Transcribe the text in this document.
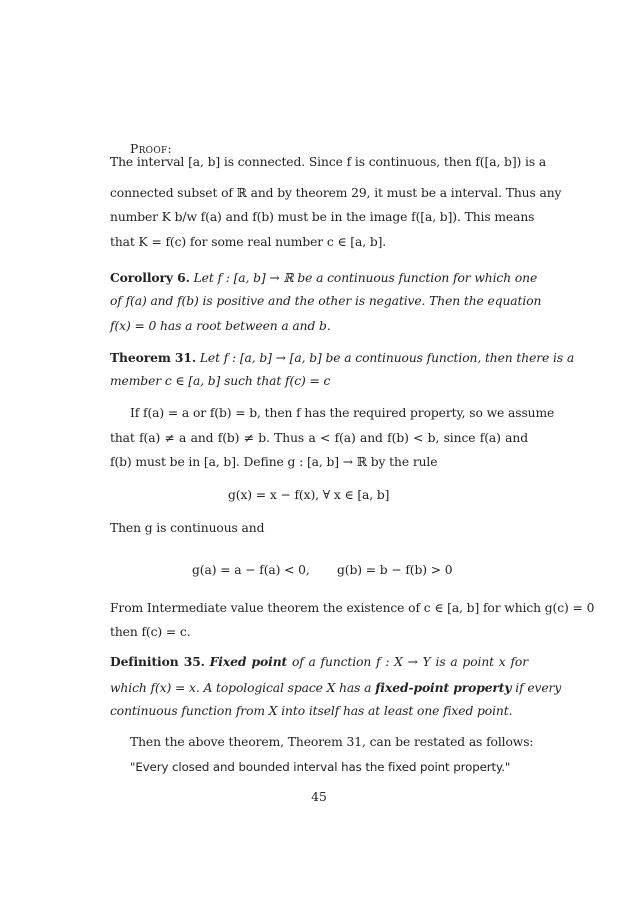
Proof:
The interval [a, b] is connected. Since f is continuous, then f([a, b]) is a
connected subset of ℝ and by theorem 29, it must be a interval. Thus any
number K b/w f(a) and f(b) must be in the image f([a, b]). This means
that K = f(c) for some real number c ∈ [a, b].
Corollory 6. Let f : [a, b] → ℝ be a continuous function for which one
of f(a) and f(b) is positive and the other is negative. Then the equation
f(x) = 0 has a root between a and b.
Theorem 31. Let f : [a, b] → [a, b] be a continuous function, then there is a
member c ∈ [a, b] such that f(c) = c
If f(a) = a or f(b) = b, then f has the required property, so we assume
that f(a) ≠ a and f(b) ≠ b. Thus a < f(a) and f(b) < b, since f(a) and
f(b) must be in [a, b]. Define g : [a, b] → ℝ by the rule
g(x) = x − f(x), ∀ x ∈ [a, b]
Then g is continuous and
g(a) = a − f(a) < 0, g(b) = b − f(b) > 0
From Intermediate value theorem the existence of c ∈ [a, b] for which g(c) = 0
then f(c) = c.
Definition 35. Fixed point of a function f : X → Y is a point x for
which f(x) = x. A topological space X has a fixed-point property if every
continuous function from X into itself has at least one fixed point.
Then the above theorem, Theorem 31, can be restated as follows:
"Every closed and bounded interval has the fixed point property."
45
